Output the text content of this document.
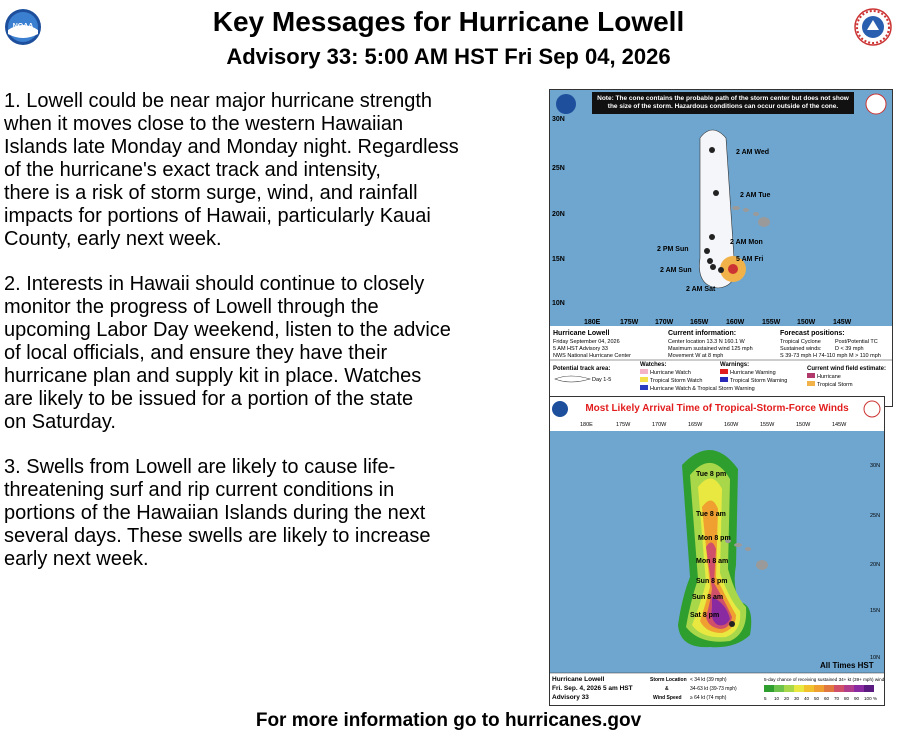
NOAA	Key Messages for Hurricane Lowell
Advisory 33: 5:00 AM HST Fri Sep 04, 2026
1. Lowell could be near major hurricane strength
when it moves close to the western Hawaiian
Islands late Monday and Monday night. Regardless
of the hurricane's exact track and intensity,
there is a risk of storm surge, wind, and rainfall
impacts for portions of Hawaii, particularly Kauai
County, early next week.
2. Interests in Hawaii should continue to closely
monitor the progress of Lowell through the
upcoming Labor Day weekend, listen to the advice
of local officials, and ensure they have their
hurricane plan and supply kit in place. Watches
are likely to be issued for a portion of the state
on Saturday.
3. Swells from Lowell are likely to cause life-
threatening surf and rip current conditions in
portions of the Hawaiian Islands during the next
several days. These swells are likely to increase
early next week.
Note: The cone contains the probable path of the storm center but does not show
the size of the storm. Hazardous conditions can occur outside of the cone.
30N
25N
20N
15N
10N
180E	175W 170W 165W	160W	155W 150W	145W
2 AM Wed
2 AM Tue
2 AM Mon
2 PM Sun
5 AM Fri
2 AM Sun
2 AM Sat
Hurricane Lowell
Friday September 04, 2026
5 AM HST Advisory 33
NWS National Hurricane Center
Current information:
Center location 13.3 N 160.1 W
Maximum sustained wind 125 mph
Movement W at 8 mph
Forecast positions:
Tropical Cyclone	Post/Potential TC
Sustained winds: D < 39 mph
S 39-73 mph H 74-110 mph M > 110 mph
Potential track area:
Day 1-5
Watches:
Hurricane Watch
Tropical Storm Watch
Hurricane Watch & Tropical Storm Warning
Warnings:
Hurricane Warning
Tropical Storm Warning
Current wind field estimate:
Hurricane
Tropical Storm
Most Likely Arrival Time of Tropical-Storm-Force Winds
180E	175W	170W	165W	160W	155W	150W	145W
30N
25N
20N
15N
10N
Tue 8 pm
Tue 8 am
Mon 8 pm
Mon 8 am
Sun 8 pm
Sun 8 am
Sat 8 pm
All Times HST
Hurricane Lowell
Fri. Sep. 4, 2026 5 am HST
Advisory 33
Storm Location
&
Wind Speed
< 34 kt (39 mph)
34-63 kt (39-73 mph)
≥ 64 kt (74 mph)
5-day chance of receiving sustained 34+ kt (39+ mph) winds
5 10 20 30 40 50 60 70 80 90 100 %
For more information go to hurricanes.gov
